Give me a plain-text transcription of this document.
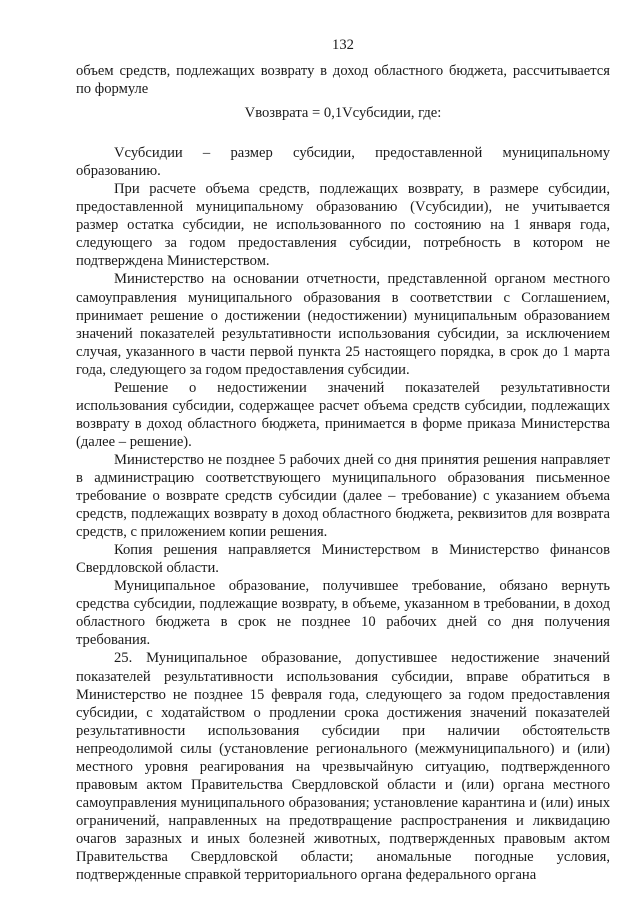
132

объем средств, подлежащих возврату в доход областного бюджета, рассчитывается по формуле

Vвозврата = 0,1Vсубсидии, где:

Vсубсидии – размер субсидии, предоставленной муниципальному образованию.

При расчете объема средств, подлежащих возврату, в размере субсидии, предоставленной муниципальному образованию (Vсубсидии), не учитывается размер остатка субсидии, не использованного по состоянию на 1 января года, следующего за годом предоставления субсидии, потребность в котором не подтверждена Министерством.

Министерство на основании отчетности, представленной органом местного самоуправления муниципального образования в соответствии с Соглашением, принимает решение о достижении (недостижении) муниципальным образованием значений показателей результативности использования субсидии, за исключением случая, указанного в части первой пункта 25 настоящего порядка, в срок до 1 марта года, следующего за годом предоставления субсидии.

Решение о недостижении значений показателей результативности использования субсидии, содержащее расчет объема средств субсидии, подлежащих возврату в доход областного бюджета, принимается в форме приказа Министерства (далее – решение).

Министерство не позднее 5 рабочих дней со дня принятия решения направляет в администрацию соответствующего муниципального образования письменное требование о возврате средств субсидии (далее – требование) с указанием объема средств, подлежащих возврату в доход областного бюджета, реквизитов для возврата средств, с приложением копии решения.

Копия решения направляется Министерством в Министерство финансов Свердловской области.

Муниципальное образование, получившее требование, обязано вернуть средства субсидии, подлежащие возврату, в объеме, указанном в требовании, в доход областного бюджета в срок не позднее 10 рабочих дней со дня получения требования.

25. Муниципальное образование, допустившее недостижение значений показателей результативности использования субсидии, вправе обратиться в Министерство не позднее 15 февраля года, следующего за годом предоставления субсидии, с ходатайством о продлении срока достижения значений показателей результативности использования субсидии при наличии обстоятельств непреодолимой силы (установление регионального (межмуниципального) и (или) местного уровня реагирования на чрезвычайную ситуацию, подтвержденного правовым актом Правительства Свердловской области и (или) органа местного самоуправления муниципального образования; установление карантина и (или) иных ограничений, направленных на предотвращение распространения и ликвидацию очагов заразных и иных болезней животных, подтвержденных правовым актом Правительства Свердловской области; аномальные погодные условия, подтвержденные справкой территориального органа федерального органа
